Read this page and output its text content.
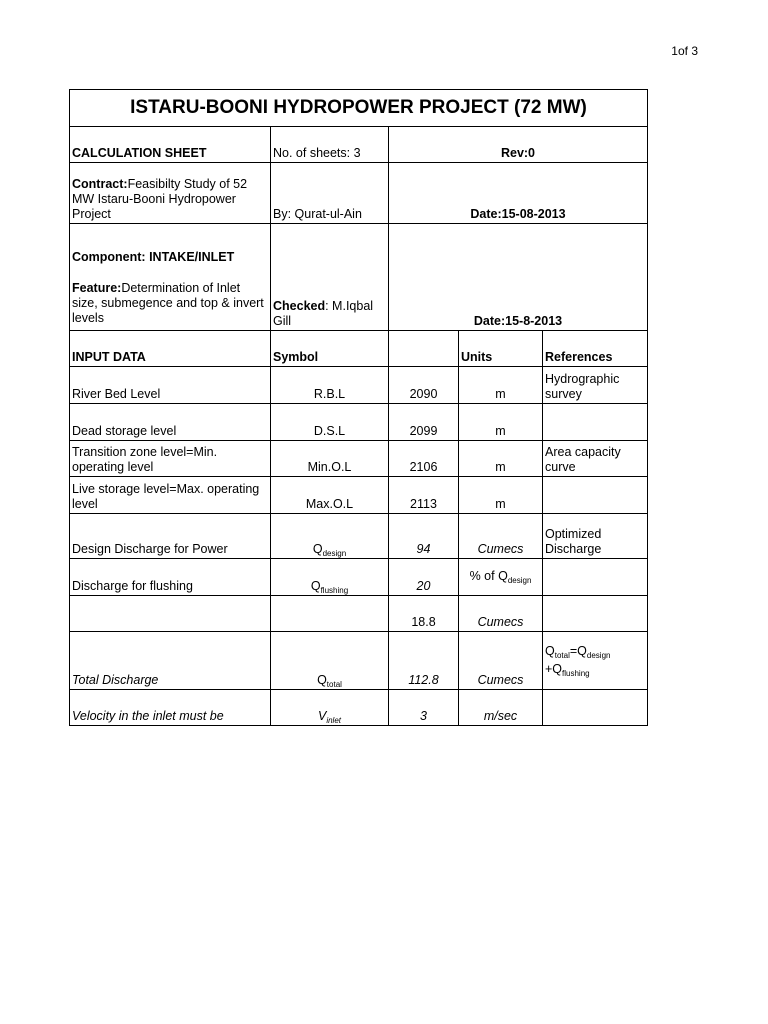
1of 3
ISTARU-BOONI HYDROPOWER PROJECT (72 MW)				
CALCULATION SHEET	No. of sheets: 3	Rev:0		
Contract:Feasibilty Study of 52 MW Istaru-Booni Hydropower Project	By: Qurat-ul-Ain	Date:15-08-2013		

Component: INTAKE/INLET
Feature:Determination of Inlet size, submegence and top & invert levels	Checked: M.Iqbal Gill	Date:15-8-2013		
INPUT DATA	Symbol		Units	References
River Bed Level	R.B.L	2090	m	Hydrographic survey
Dead storage level	D.S.L	2099	m	
Transition zone level=Min. operating level	Min.O.L	2106	m	Area capacity curve
Live storage level=Max. operating level	Max.O.L	2113	m	
Design Discharge for Power	$Q_{design}$	94	Cumecs	Optimized Discharge
Discharge for flushing	$Q_{flushing}$	20	% of $Q_{design}$	
		18.8	Cumecs	
Total Discharge	$Q_{total}$	112.8	Cumecs	$Q_{total}=Q_{design}$
$+Q_{flushing}$
Velocity in the inlet must be	$V_{inlet}$	3	m/sec	
